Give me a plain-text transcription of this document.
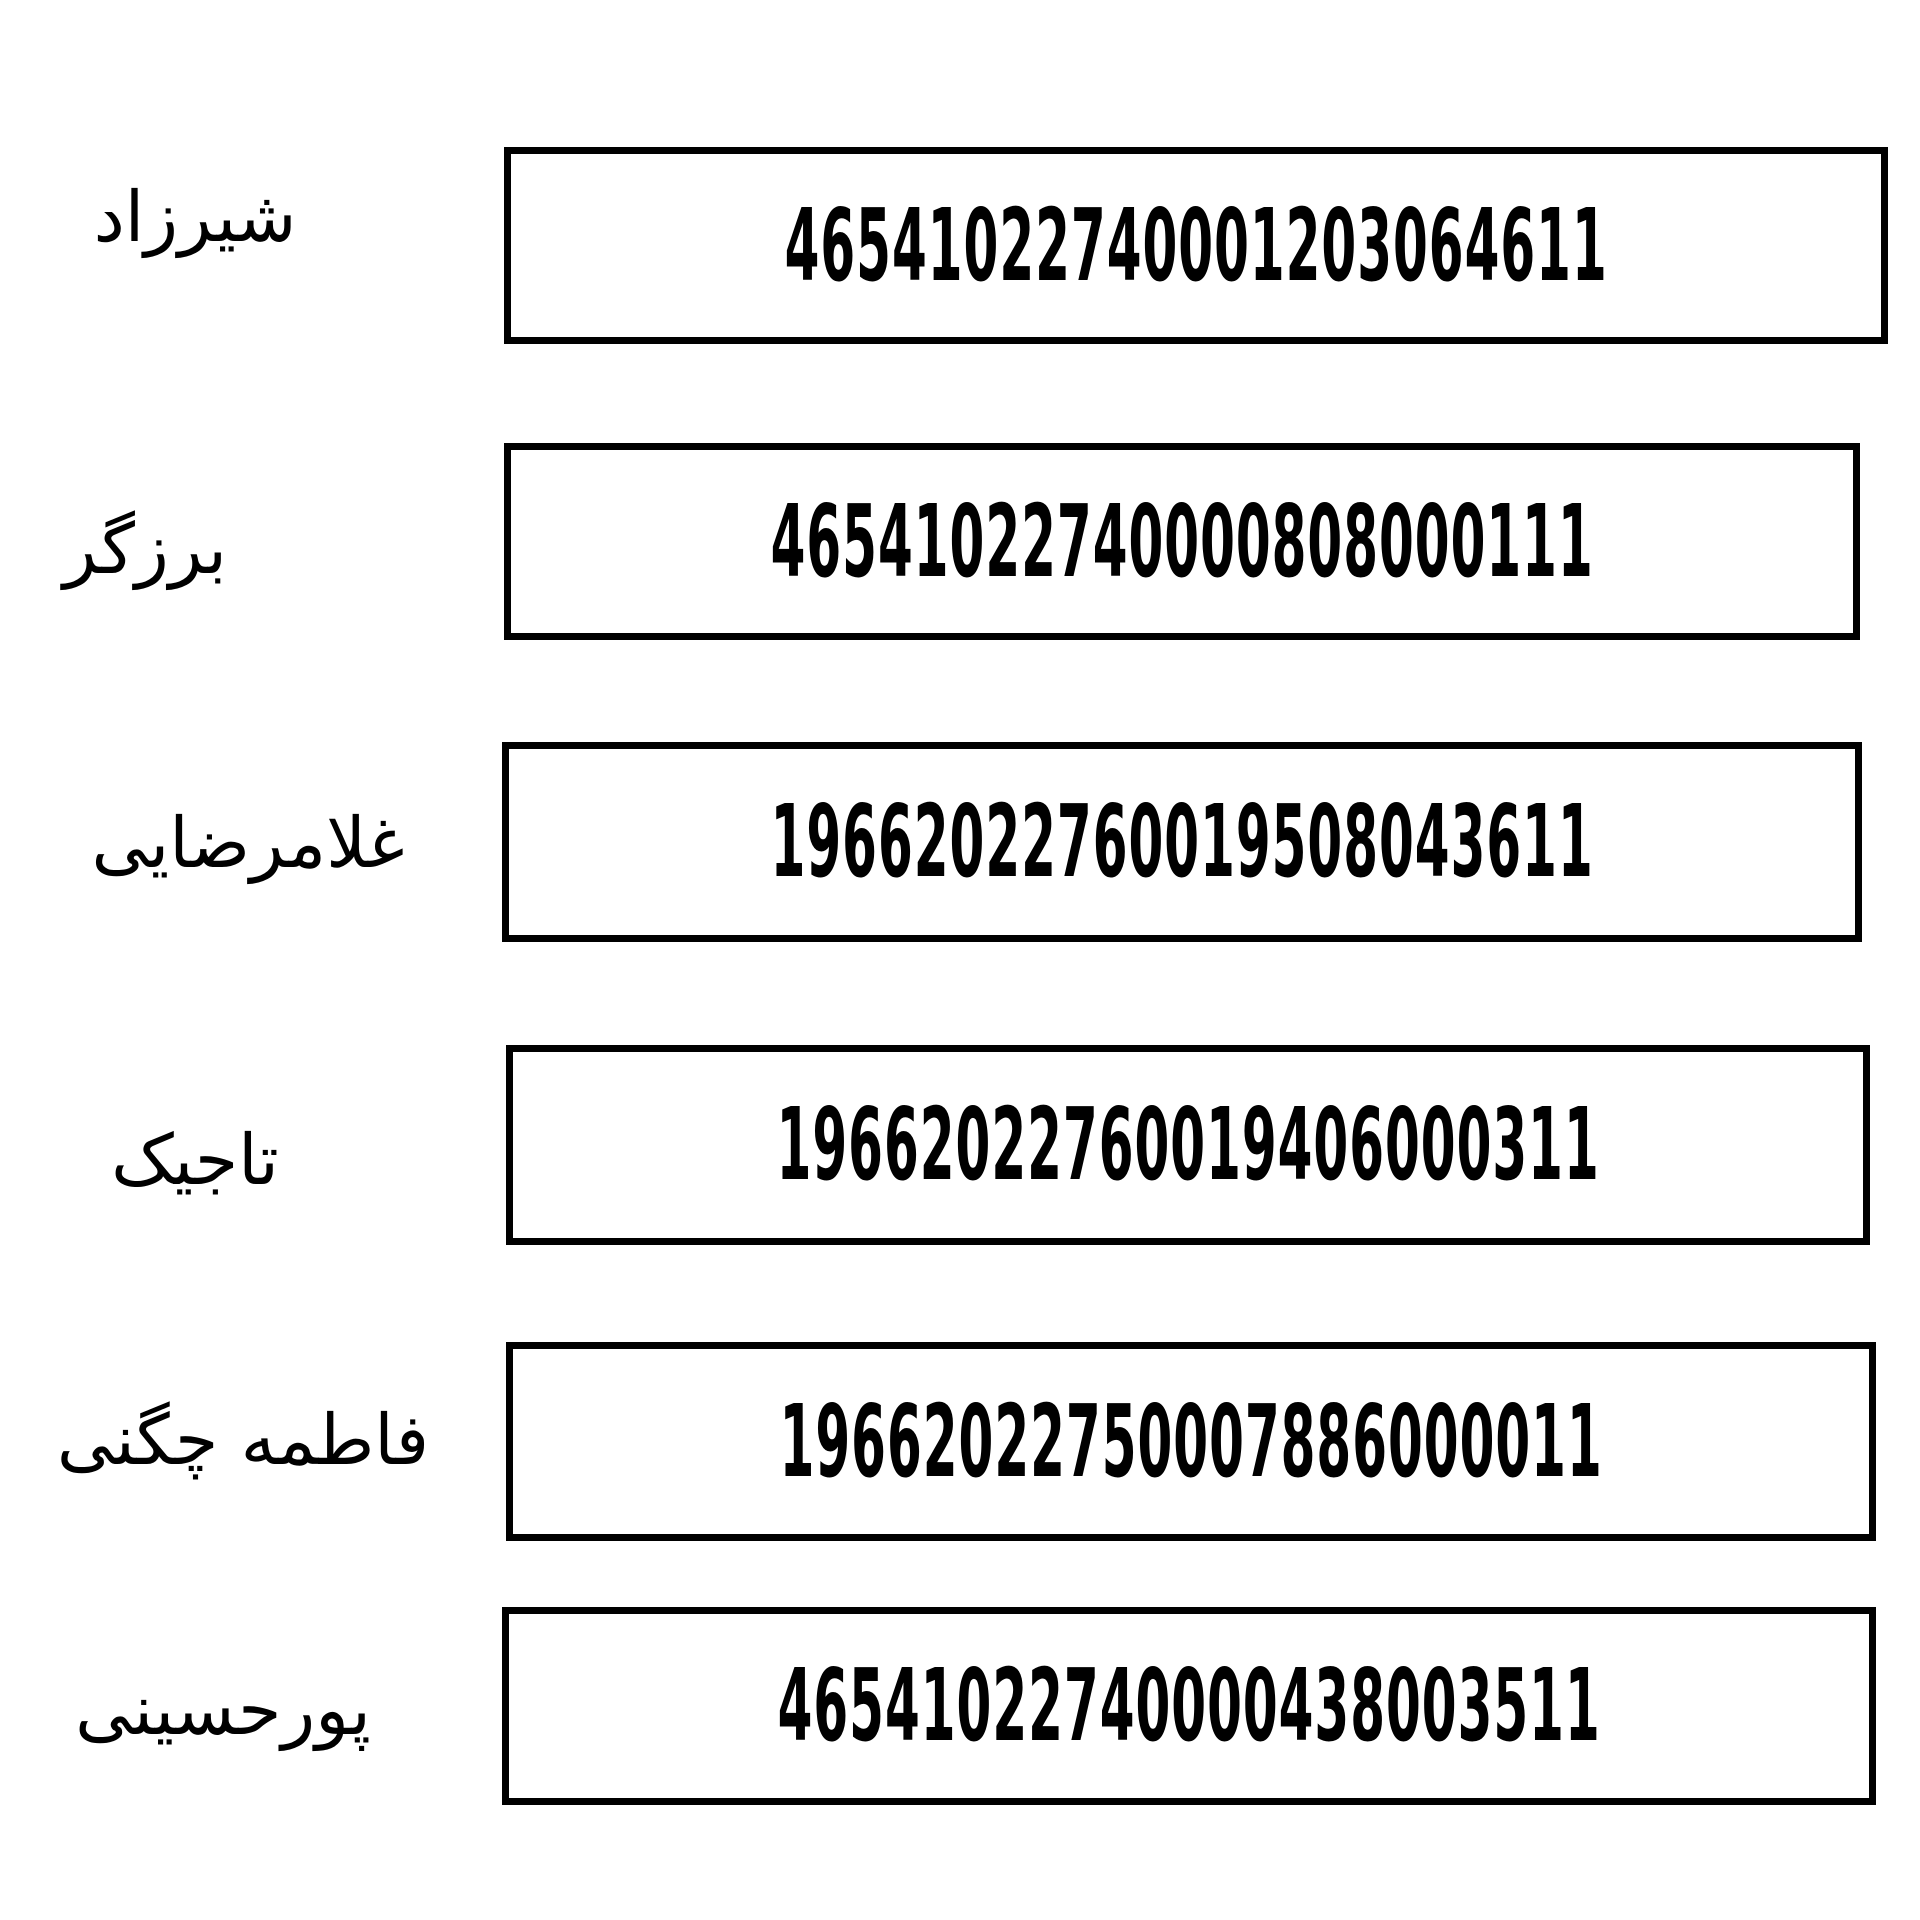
شیرزاد	46541022740001203064611
برزگر	46541022740000808000111
غلامرضایی	19662022760019508043611
تاجیک	19662022760019406000311
فاطمه چگنی	19662022750007886000011
پورحسینی	46541022740000438003511
